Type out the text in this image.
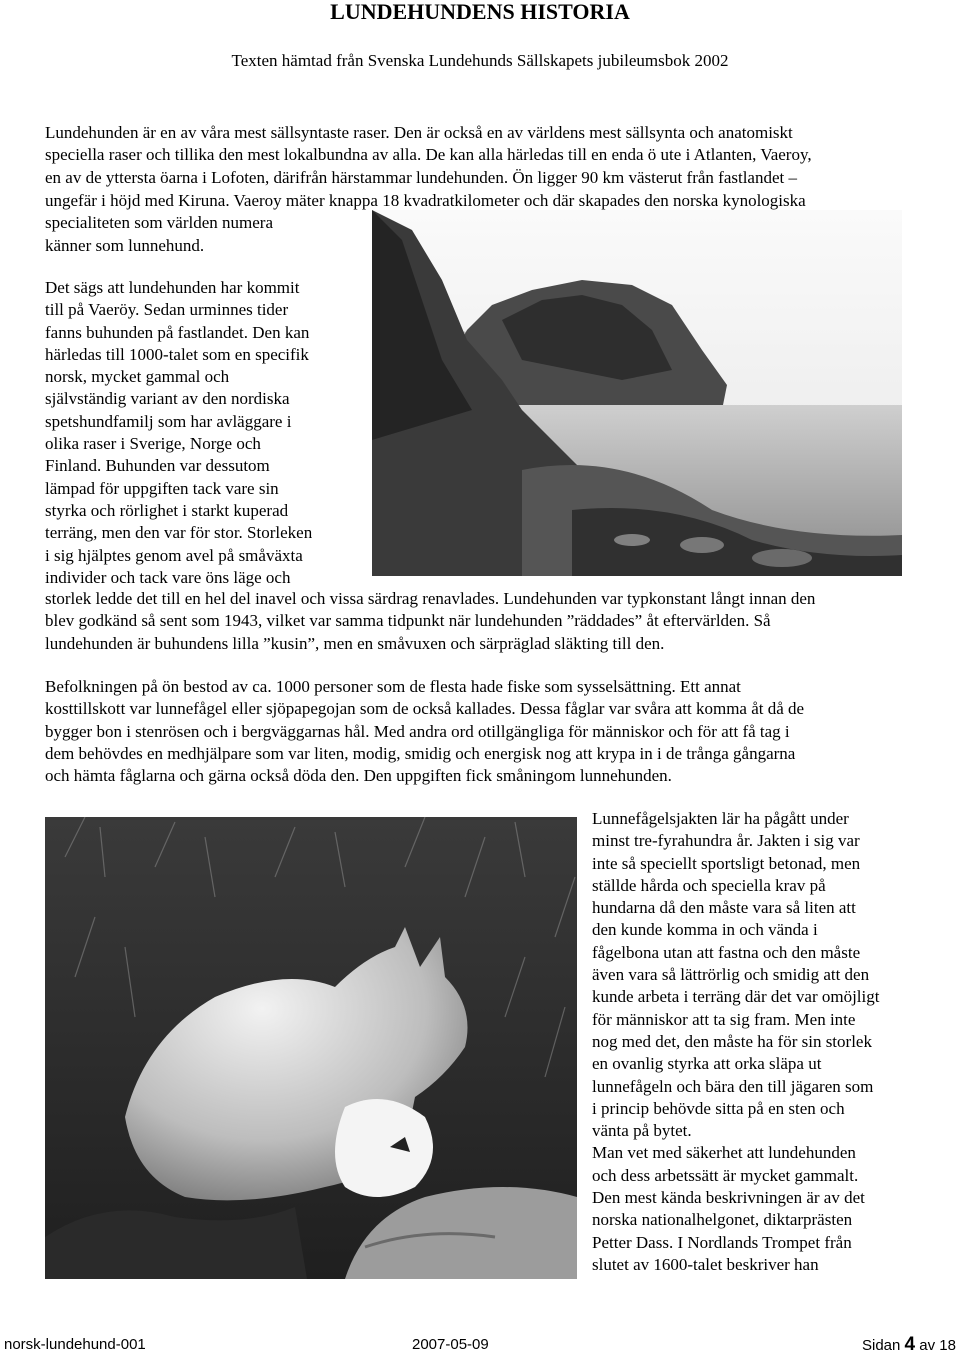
LUNDEHUNDENS HISTORIA
Texten hämtad från Svenska Lundehunds Sällskapets jubileumsbok 2002
Lundehunden är en av våra mest sällsyntaste raser. Den är också en av världens mest sällsynta och anatomiskt
speciella raser och tillika den mest lokalbundna av alla. De kan alla härledas till en enda ö ute i Atlanten, Vaeroy,
en av de yttersta öarna i Lofoten, därifrån härstammar lundehunden. Ön ligger 90 km västerut från fastlandet –
ungefär i höjd med Kiruna. Vaeroy mäter knappa 18 kvadratkilometer och där skapades den norska kynologiska
specialiteten som världen numera
känner som lunnehund.
Det sägs att lundehunden har kommit
till på Vaeröy. Sedan urminnes tider
fanns buhunden på fastlandet. Den kan
härledas till 1000-talet som en specifik
norsk, mycket gammal och
självständig variant av den nordiska
spetshundfamilj som har avläggare i
olika raser i Sverige, Norge och
Finland. Buhunden var dessutom
lämpad för uppgiften tack vare sin
styrka och rörlighet i starkt kuperad
terräng, men den var för stor. Storleken
i sig hjälptes genom avel på småväxta
individer och tack vare öns läge och
storlek ledde det till en hel del inavel och vissa särdrag renavlades. Lundehunden var typkonstant långt innan den
blev godkänd så sent som 1943, vilket var samma tidpunkt när lundehunden ”räddades” åt eftervärlden. Så
lundehunden är buhundens lilla ”kusin”, men en småvuxen och särpräglad släkting till den.
Befolkningen på ön bestod av ca. 1000 personer som de flesta hade fiske som sysselsättning. Ett annat
kosttillskott var lunnefågel eller sjöpapegojan som de också kallades. Dessa fåglar var svåra att komma åt då de
bygger bon i stenrösen och i bergväggarnas hål. Med andra ord otillgängliga för människor och för att få tag i
dem behövdes en medhjälpare som var liten, modig, smidig och energisk nog att krypa in i de trånga gångarna
och hämta fåglarna och gärna också döda den. Den uppgiften fick småningom lunnehunden.
Lunnefågelsjakten lär ha pågått under
minst tre-fyrahundra år. Jakten i sig var
inte så speciellt sportsligt betonad, men
ställde hårda och speciella krav på
hundarna då den måste vara så liten att
den kunde komma in och vända i
fågelbona utan att fastna och den måste
även vara så lättrörlig och smidig att den
kunde arbeta i terräng där det var omöjligt
för människor att ta sig fram. Men inte
nog med det, den måste ha för sin storlek
en ovanlig styrka att orka släpa ut
lunnefågeln och bära den till jägaren som
i princip behövde sitta på en sten och
vänta på bytet.
Man vet med säkerhet att lundehunden
och dess arbetssätt är mycket gammalt.
Den mest kända beskrivningen är av det
norska nationalhelgonet, diktarprästen
Petter Dass. I Nordlands Trompet från
slutet av 1600-talet beskriver han
norsk-lundehund-001	2007-05-09	Sidan 4 av 18
